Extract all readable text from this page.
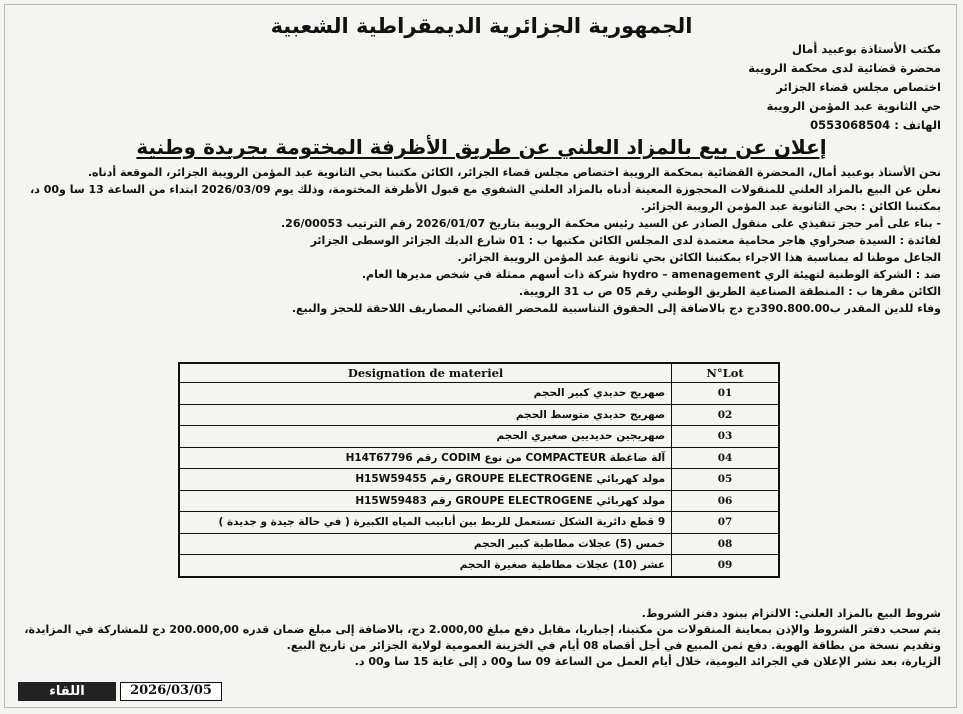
الجمهورية الجزائرية الديمقراطية الشعبية
مكتب الأستاذة بوعبيد أمال
محضرة قضائية لدى محكمة الرويبة
اختصاص مجلس قضاء الجزائر
حي الثانوية عبد المؤمن الرويبة
الهاتف : 0553068504
إعلان عن بيع بالمزاد العلني عن طريق الأظرفة المختومة بجريدة وطنية

نحن الأستاذ بوعبيد أمال، المحضرة القضائية بمحكمة الرويبة اختصاص مجلس قضاء الجزائر، الكائن مكتبنا بحي الثانوية عبد المؤمن الرويبة الجزائر، الموقعة أدناه.

نعلن عن البيع بالمزاد العلني للمنقولات المحجوزة المعينة أدناه بالمزاد العلني الشفوي مع قبول الأظرفة المختومة، وذلك يوم 2026/03/09 ابتداء من الساعة 13 سا و00 د، بمكتبنا الكائن : بحي الثانوية عبد المؤمن الرويبة الجزائر.

- بناء على أمر حجز تنفيذي على منقول الصادر عن السيد رئيس محكمة الرويبة بتاريخ 2026/01/07 رقم الترتيب 26/00053.

لفائدة : السيدة صحراوي هاجر محامية معتمدة لدى المجلس الكائن مكتبها ب : 01 شارع الديك الجزائر الوسطى الجزائر

الجاعل موطنا له بمناسبة هذا الاجراء بمكتبنا الكائن بحي ثانوية عبد المؤمن الرويبة الجزائر.

ضد : الشركة الوطنية لتهيئة الري hydro – amenagement شركة ذات أسهم ممثلة في شخص مديرها العام.

الكائن مقرها ب : المنطقة الصناعية الطريق الوطني رقم 05 ص ب 31 الرويبة.

وفاء للدين المقدر ب390.800.00دج دج بالاضافة إلى الحقوق التناسبية للمحضر القضائي المصاريف اللاحقة للحجز والبيع.

Designation de materiel	N°Lot
صهريج حديدي كبير الحجم	01
صهريج حديدي متوسط الحجم	02
صهريجين حديديين صغيري الحجم	03
آلة ضاغطة COMPACTEUR من نوع CODIM رقم H14T67796	04
مولد كهربائي GROUPE ELECTROGENE رقم H15W59455	05
مولد كهربائي GROUPE ELECTROGENE رقم H15W59483	06
9 قطع دائرية الشكل تستعمل للربط بين أنابيب المياه الكبيرة ( في حالة جيدة و جديدة )	07
خمس (5) عجلات مطاطية كبير الحجم	08
عشر (10) عجلات مطاطية صغيرة الحجم	09

شروط البيع بالمزاد العلني: الالتزام ببنود دفتر الشروط.

يتم سحب دفتر الشروط والإذن بمعاينة المنقولات من مكتبنا، إجباريا، مقابل دفع مبلغ 2.000,00 دج، بالاضافة إلى مبلغ ضمان قدره 200.000,00 دج للمشاركة في المزايدة، وتقديم نسخة من بطاقة الهوية. دفع ثمن المبيع في أجل أقصاه 08 أيام في الخزينة العمومية لولاية الجزائر من تاريخ البيع.

الزيارة، بعد نشر الإعلان في الجرائد اليومية، خلال أيام العمل من الساعة 09 سا و00 د إلى غاية 15 سا و00 د.

اللقاء	2026/03/05
